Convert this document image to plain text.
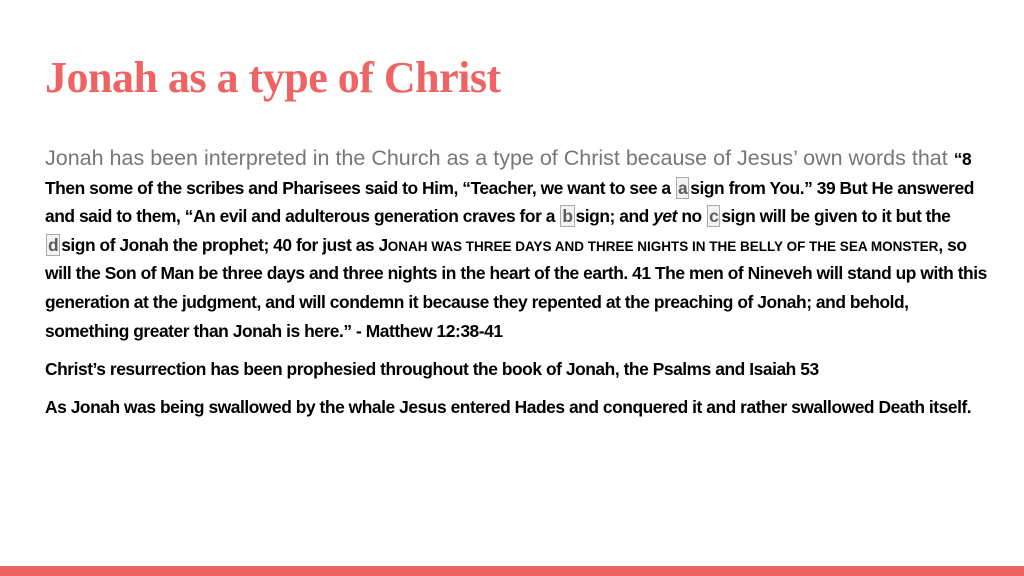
Jonah as a type of Christ

Jonah has been interpreted in the Church as a type of Christ because of Jesus’ own words that “8 Then some of the scribes and Pharisees said to Him, “Teacher, we want to see a a sign from You.” 39 But He answered and said to them, “An evil and adulterous generation craves for a b sign; and yet no c sign will be given to it but the d sign of Jonah the prophet; 40 for just as JONAH WAS THREE DAYS AND THREE NIGHTS IN THE BELLY OF THE SEA MONSTER, so will the Son of Man be three days and three nights in the heart of the earth. 41 The men of Nineveh will stand up with this generation at the judgment, and will condemn it because they repented at the preaching of Jonah; and behold, something greater than Jonah is here.” - Matthew 12:38-41

Christ’s resurrection has been prophesied throughout the book of Jonah, the Psalms and Isaiah 53

As Jonah was being swallowed by the whale Jesus entered Hades and conquered it and rather swallowed Death itself.
